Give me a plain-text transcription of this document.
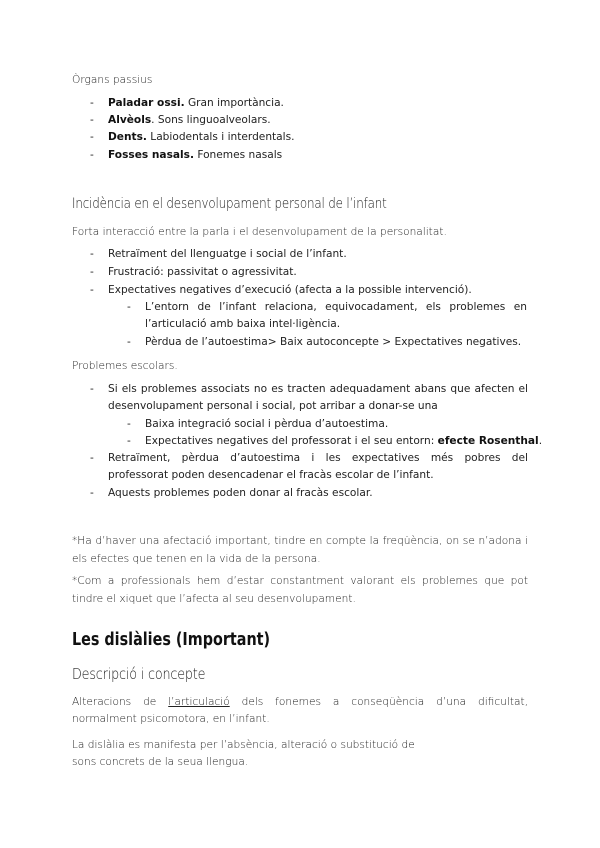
Òrgans passius

- Paladar ossi. Gran importància.
- Alvèols. Sons linguoalveolars.
- Dents. Labiodentals i interdentals.
- Fosses nasals. Fonemes nasals
Incidència en el desenvolupament personal de l’infant

Forta interacció entre la parla i el desenvolupament de la personalitat.

- Retraïment del llenguatge i social de l’infant.
- Frustració: passivitat o agressivitat.
- Expectatives negatives d’execució (afecta a la possible intervenció).
- L’entorn de l’infant relaciona, equivocadament, els problemes en l’articulació amb baixa intel·ligència.
- Pèrdua de l’autoestima> Baix autoconcepte > Expectatives negatives.

Problemes escolars.

- Si els problemes associats no es tracten adequadament abans que afecten el desenvolupament personal i social, pot arribar a donar-se una
- Baixa integració social i pèrdua d’autoestima.
- Expectatives negatives del professorat i el seu entorn: efecte Rosenthal.
- Retraïment, pèrdua d’autoestima i les expectatives més pobres del professorat poden desencadenar el fracàs escolar de l’infant.
- Aquests problemes poden donar al fracàs escolar.

*Ha d’haver una afectació important, tindre en compte la freqüència, on se n’adona i els efectes que tenen en la vida de la persona.

*Com a professionals hem d’estar constantment valorant els problemes que pot tindre el xiquet que l’afecta al seu desenvolupament.

Les dislàlies (Important)
Descripció i concepte

Alteracions de l’articulació dels fonemes a conseqüència d’una dificultat, normalment psicomotora, en l’infant.

La dislàlia es manifesta per l’absència, alteració o substitució de
sons concrets de la seua llengua.
